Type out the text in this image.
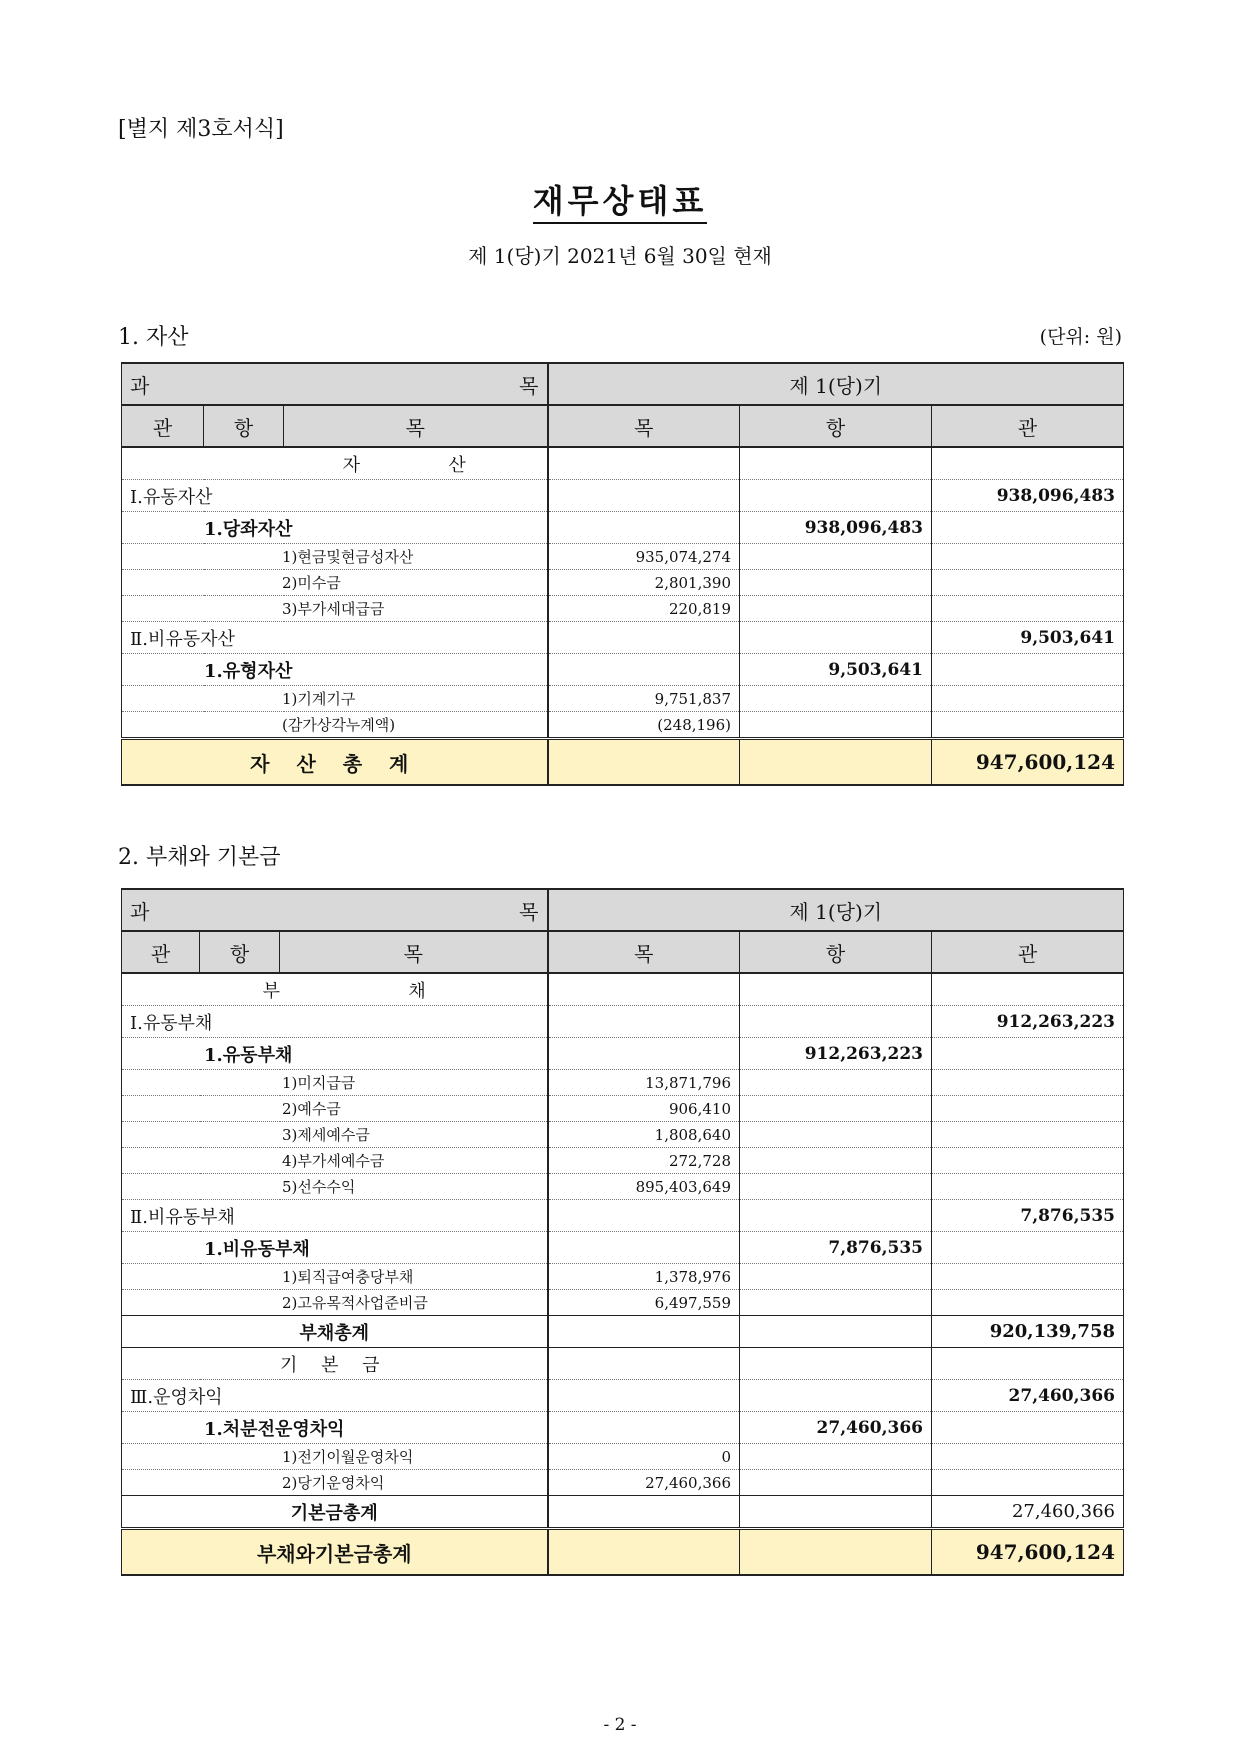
[별지 제3호서식]
재무상태표
제 1(당)기 2021년 6월 30일 현재
1. 자산	(단위: 원)
과 목			제 1(당)기		
관	항	목	목	항	관
자 산					
Ⅰ.유동자산					938,096,483
1.당좌자산				938,096,483	
1)현금및현금성자산			935,074,274		
2)미수금			2,801,390		
3)부가세대급금			220,819		
Ⅱ.비유동자산					9,503,641
1.유형자산				9,503,641	
1)기계기구			9,751,837		
(감가상각누계액)			(248,196)		
자 산 총 계					947,600,124
2. 부채와 기본금
과 목			제 1(당)기		
관	항	목	목	항	관
부 채					
Ⅰ.유동부채					912,263,223
1.유동부채				912,263,223	
1)미지급금			13,871,796		
2)예수금			906,410		
3)제세예수금			1,808,640		
4)부가세예수금			272,728		
5)선수수익			895,403,649		
Ⅱ.비유동부채					7,876,535
1.비유동부채				7,876,535	
1)퇴직급여충당부채			1,378,976		
2)고유목적사업준비금			6,497,559		
부채총계					920,139,758
기 본 금					
Ⅲ.운영차익					27,460,366
1.처분전운영차익				27,460,366	
1)전기이월운영차익			0		
2)당기운영차익			27,460,366		
기본금총계					27,460,366
부채와기본금총계					947,600,124
- 2 -
